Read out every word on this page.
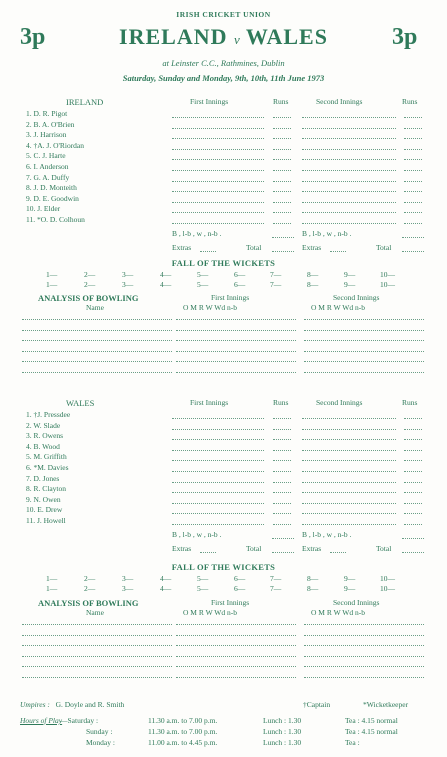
IRISH CRICKET UNION
3p	3p
IRELAND v WALES
at Leinster C.C., Rathmines, Dublin
Saturday, Sunday and Monday, 9th, 10th, 11th June 1973
IRELAND	First Innings	Runs	Second Innings	Runs
1. D. R. Pigot
2. B. A. O'Brien
3. J. Harrison
4. †A. J. O'Riordan
5. C. J. Harte
6. I. Anderson
7. G. A. Duffy
8. J. D. Monteith
9. D. E. Goodwin
10. J. Elder
11. *O. D. Colhoun
B , l-b , w , n-b .	B , l-b , w , n-b .
Extras	Total	Extras	Total
FALL OF THE WICKETS
1—	2—	3—	4—	5—	6—	7—	8—	9—	10—
1—	2—	3—	4—	5—	6—	7—	8—	9—	10—
ANALYSIS OF BOWLING	First Innings	Second Innings
Name	O M R W Wd n-b	O M R W Wd n-b
WALES	First Innings	Runs	Second Innings	Runs
1. †J. Pressdee
2. W. Slade
3. R. Owens
4. B. Wood
5. M. Griffith
6. *M. Davies
7. D. Jones
8. R. Clayton
9. N. Owen
10. E. Drew
11. J. Howell
B , l-b , w , n-b .	B , l-b , w , n-b .
Extras	Total	Extras	Total
FALL OF THE WICKETS
1—	2—	3—	4—	5—	6—	7—	8—	9—	10—
1—	2—	3—	4—	5—	6—	7—	8—	9—	10—
ANALYSIS OF BOWLING	First Innings	Second Innings
Name	O M R W Wd n-b	O M R W Wd n-b
Umpires : G. Doyle and R. Smith	†Captain	*Wicketkeeper
Hours of Play
—Saturday :	11.30 a.m. to 7.00 p.m.	Lunch : 1.30	Tea : 4.15 normal
Sunday :	11.30 a.m. to 7.00 p.m.	Lunch : 1.30	Tea : 4.15 normal
Monday :	11.00 a.m. to 4.45 p.m.	Lunch : 1.30	Tea :
